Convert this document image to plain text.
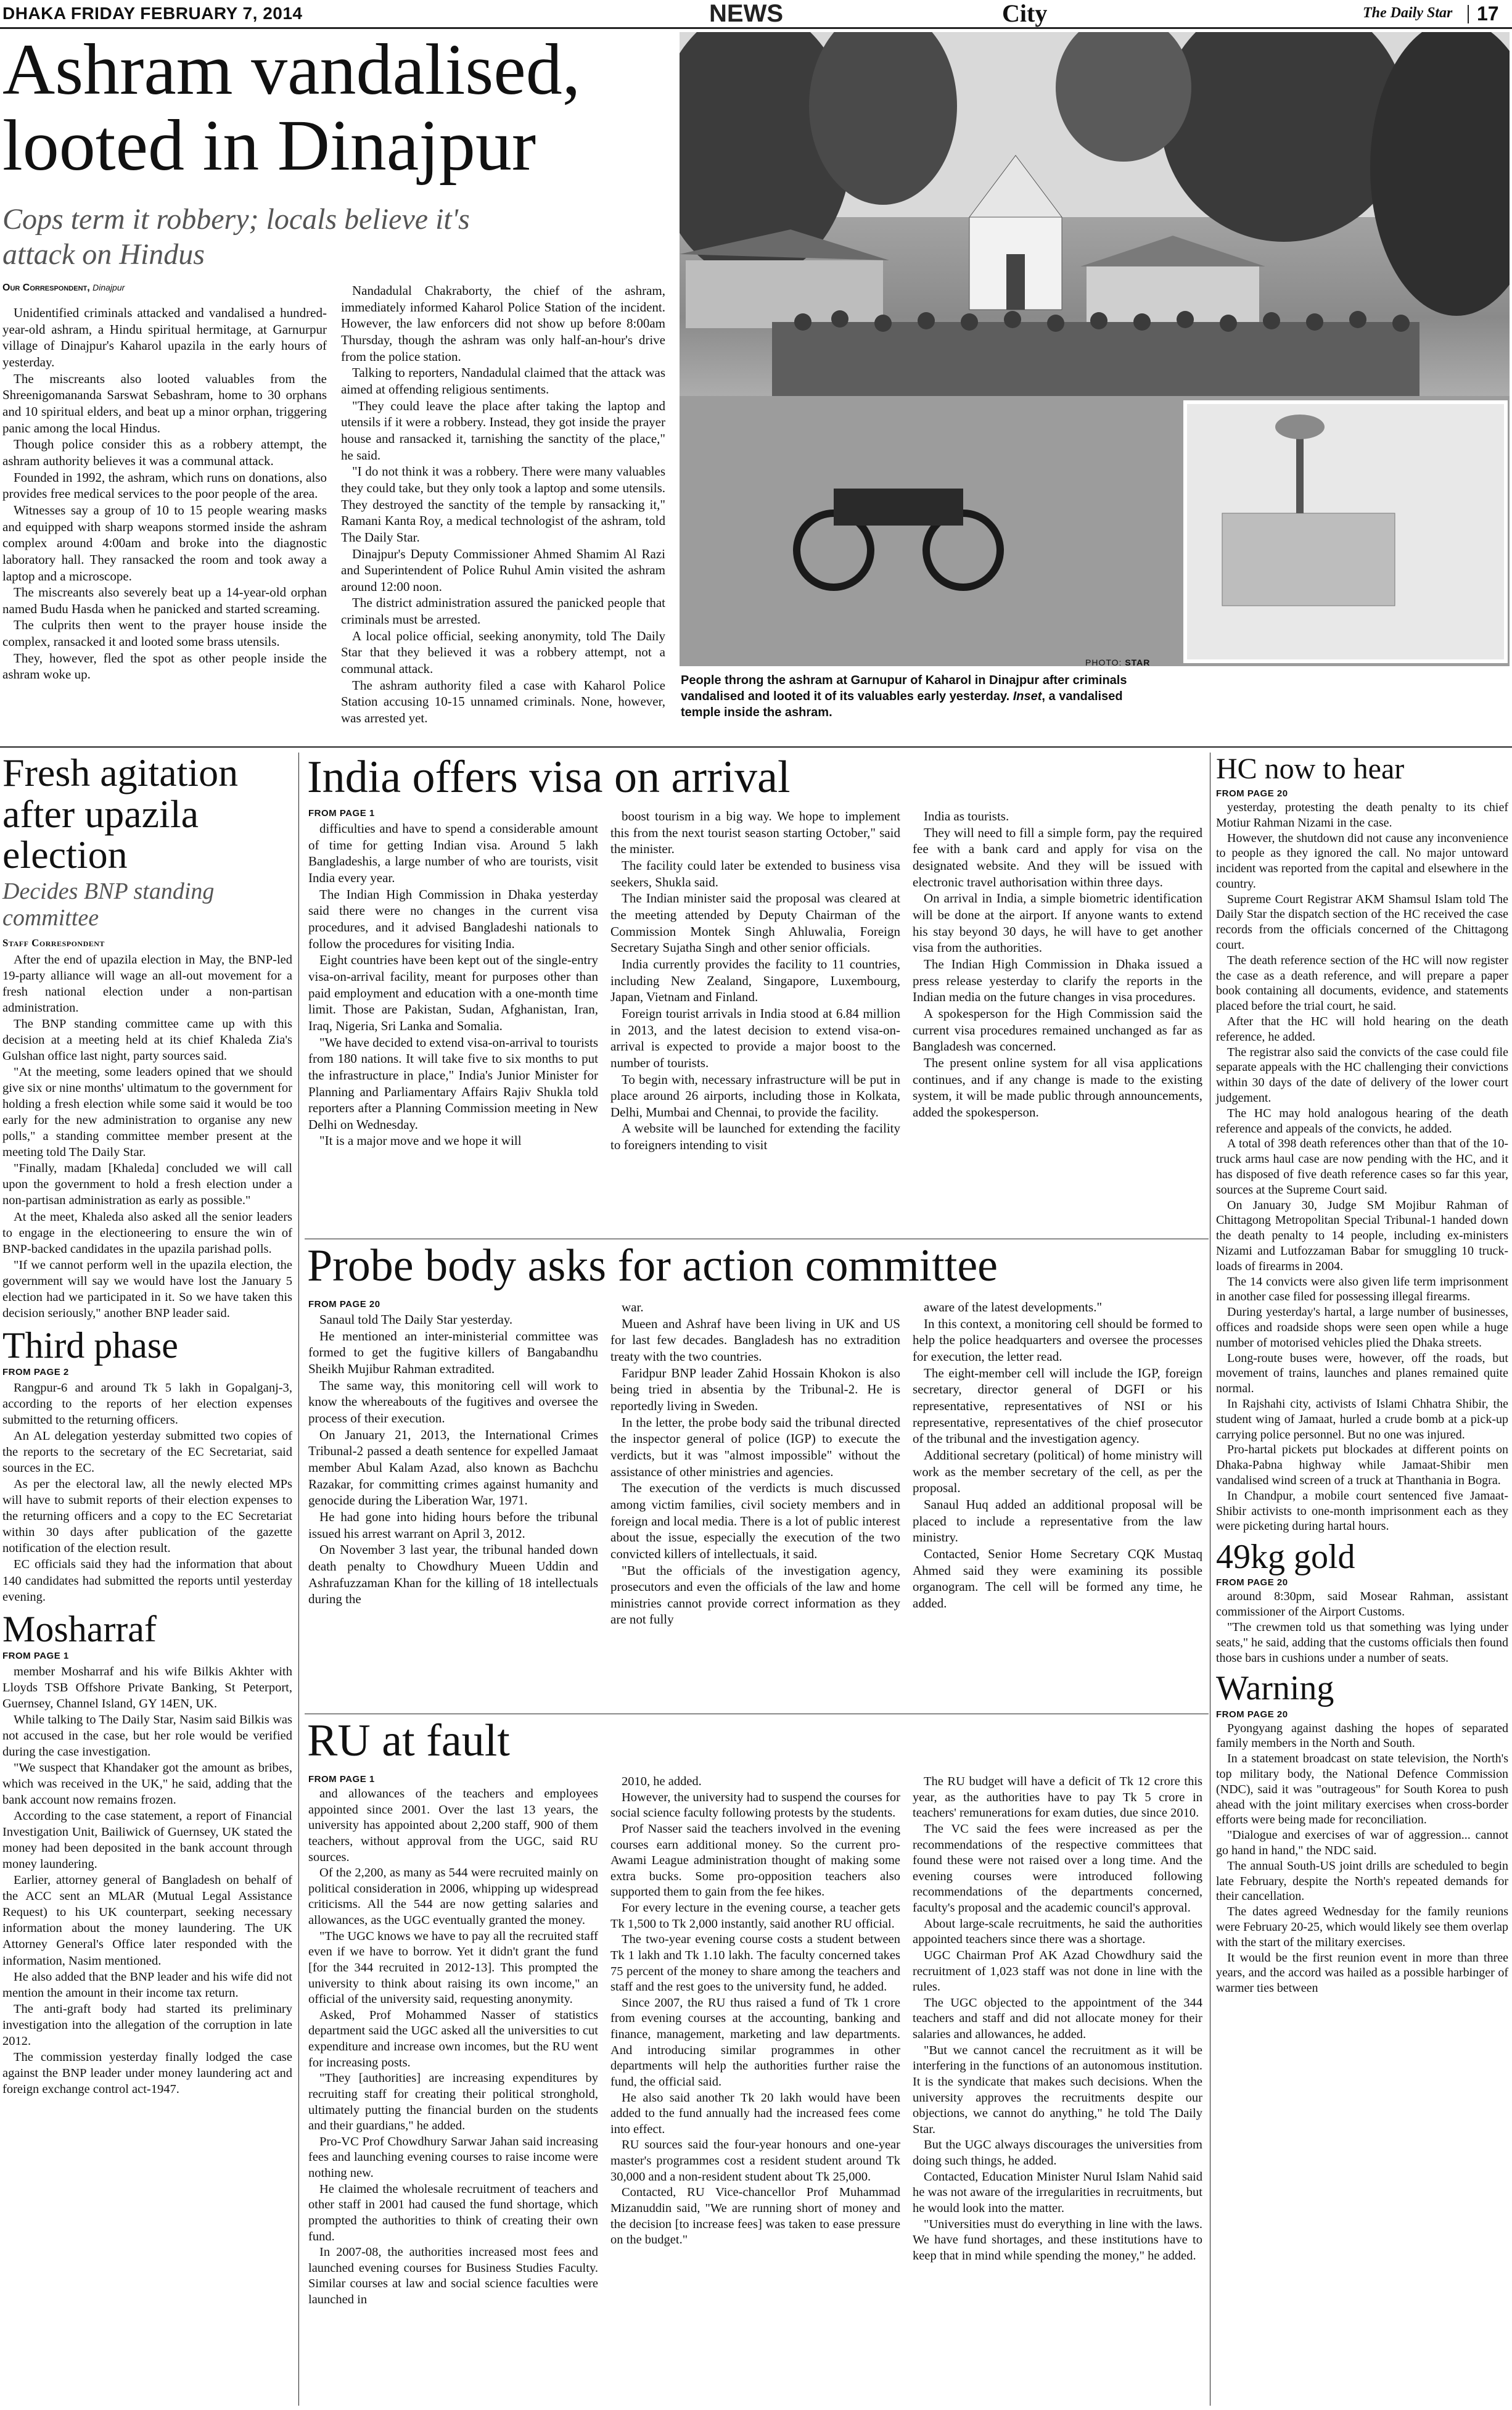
DHAKA FRIDAY FEBRUARY 7, 2014	NEWS	City	The Daily Star 17
Ashram vandalised, looted in Dinajpur
Cops term it robbery; locals believe it's attack on Hindus
Our Correspondent, Dinajpur

Unidentified criminals attacked and vandalised a hundred-year-old ashram, a Hindu spiritual hermitage, at Garnurpur village of Dinajpur's Kaharol upazila in the early hours of yesterday.

The miscreants also looted valuables from the Shreenigomananda Sarswat Sebashram, home to 30 orphans and 10 spiritual elders, and beat up a minor orphan, triggering panic among the local Hindus.

Though police consider this as a robbery attempt, the ashram authority believes it was a communal attack.

Founded in 1992, the ashram, which runs on donations, also provides free medical services to the poor people of the area.

Witnesses say a group of 10 to 15 people wearing masks and equipped with sharp weapons stormed inside the ashram complex around 4:00am and broke into the diagnostic laboratory hall. They ransacked the room and took away a laptop and a microscope.

The miscreants also severely beat up a 14-year-old orphan named Budu Hasda when he panicked and started screaming.

The culprits then went to the prayer house inside the complex, ransacked it and looted some brass utensils.

They, however, fled the spot as other people inside the ashram woke up.

Nandadulal Chakraborty, the chief of the ashram, immediately informed Kaharol Police Station of the incident. However, the law enforcers did not show up before 8:00am Thursday, though the ashram was only half-an-hour's drive from the police station.

Talking to reporters, Nandadulal claimed that the attack was aimed at offending religious sentiments.

"They could leave the place after taking the laptop and utensils if it were a robbery. Instead, they got inside the prayer house and ransacked it, tarnishing the sanctity of the place," he said.

"I do not think it was a robbery. There were many valuables they could take, but they only took a laptop and some utensils. They destroyed the sanctity of the temple by ransacking it," Ramani Kanta Roy, a medical technologist of the ashram, told The Daily Star.

Dinajpur's Deputy Commissioner Ahmed Shamim Al Razi and Superintendent of Police Ruhul Amin visited the ashram around 12:00 noon.

The district administration assured the panicked people that criminals must be arrested.

A local police official, seeking anonymity, told The Daily Star that they believed it was a robbery attempt, not a communal attack.

The ashram authority filed a case with Kaharol Police Station accusing 10-15 unnamed criminals. None, however, was arrested yet.

PHOTO: STAR
People throng the ashram at Garnupur of Kaharol in Dinajpur after criminals vandalised and looted it of its valuables early yesterday. Inset, a vandalised temple inside the ashram.
Fresh agitation after upazila election
Decides BNP standing committee
Staff Correspondent

After the end of upazila election in May, the BNP-led 19-party alliance will wage an all-out movement for a fresh national election under a non-partisan administration.

The BNP standing committee came up with this decision at a meeting held at its chief Khaleda Zia's Gulshan office last night, party sources said.

"At the meeting, some leaders opined that we should give six or nine months' ultimatum to the government for holding a fresh election while some said it would be too early for the new administration to organise any new polls," a standing committee member present at the meeting told The Daily Star.

"Finally, madam [Khaleda] concluded we will call upon the government to hold a fresh election under a non-partisan administration as early as possible."

At the meet, Khaleda also asked all the senior leaders to engage in the electioneering to ensure the win of BNP-backed candidates in the upazila parishad polls.

"If we cannot perform well in the upazila election, the government will say we would have lost the January 5 election had we participated in it. So we have taken this decision seriously," another BNP leader said.

Third phase
FROM PAGE 2

Rangpur-6 and around Tk 5 lakh in Gopalganj-3, according to the reports of her election expenses submitted to the returning officers.

An AL delegation yesterday submitted two copies of the reports to the secretary of the EC Secretariat, said sources in the EC.

As per the electoral law, all the newly elected MPs will have to submit reports of their election expenses to the returning officers and a copy to the EC Secretariat within 30 days after publication of the gazette notification of the election result.

EC officials said they had the information that about 140 candidates had submitted the reports until yesterday evening.

Mosharraf
FROM PAGE 1

member Mosharraf and his wife Bilkis Akhter with Lloyds TSB Offshore Private Banking, St Peterport, Guernsey, Channel Island, GY 14EN, UK.

While talking to The Daily Star, Nasim said Bilkis was not accused in the case, but her role would be verified during the case investigation.

"We suspect that Khandaker got the amount as bribes, which was received in the UK," he said, adding that the bank account now remains frozen.

According to the case statement, a report of Financial Investigation Unit, Bailiwick of Guernsey, UK stated the money had been deposited in the bank account through money laundering.

Earlier, attorney general of Bangladesh on behalf of the ACC sent an MLAR (Mutual Legal Assistance Request) to his UK counterpart, seeking necessary information about the money laundering. The UK Attorney General's Office later responded with the information, Nasim mentioned.

He also added that the BNP leader and his wife did not mention the amount in their income tax return.

The anti-graft body had started its preliminary investigation into the allegation of the corruption in late 2012.

The commission yesterday finally lodged the case against the BNP leader under money laundering act and foreign exchange control act-1947.

India offers visa on arrival
FROM PAGE 1

difficulties and have to spend a considerable amount of time for getting Indian visa. Around 5 lakh Bangladeshis, a large number of who are tourists, visit India every year.

The Indian High Commission in Dhaka yesterday said there were no changes in the current visa procedures, and it advised Bangladeshi nationals to follow the procedures for visiting India.

Eight countries have been kept out of the single-entry visa-on-arrival facility, meant for purposes other than paid employment and education with a one-month time limit. Those are Pakistan, Sudan, Afghanistan, Iran, Iraq, Nigeria, Sri Lanka and Somalia.

"We have decided to extend visa-on-arrival to tourists from 180 nations. It will take five to six months to put the infrastructure in place," India's Junior Minister for Planning and Parliamentary Affairs Rajiv Shukla told reporters after a Planning Commission meeting in New Delhi on Wednesday.

"It is a major move and we hope it will

boost tourism in a big way. We hope to implement this from the next tourist season starting October," said the minister.

The facility could later be extended to business visa seekers, Shukla said.

The Indian minister said the proposal was cleared at the meeting attended by Deputy Chairman of the Commission Montek Singh Ahluwalia, Foreign Secretary Sujatha Singh and other senior officials.

India currently provides the facility to 11 countries, including New Zealand, Singapore, Luxembourg, Japan, Vietnam and Finland.

Foreign tourist arrivals in India stood at 6.84 million in 2013, and the latest decision to extend visa-on-arrival is expected to provide a major boost to the number of tourists.

To begin with, necessary infrastructure will be put in place around 26 airports, including those in Kolkata, Delhi, Mumbai and Chennai, to provide the facility.

A website will be launched for extending the facility to foreigners intending to visit

India as tourists.

They will need to fill a simple form, pay the required fee with a bank card and apply for visa on the designated website. And they will be issued with electronic travel authorisation within three days.

On arrival in India, a simple biometric identification will be done at the airport. If anyone wants to extend his stay beyond 30 days, he will have to get another visa from the authorities.

The Indian High Commission in Dhaka issued a press release yesterday to clarify the reports in the Indian media on the future changes in visa procedures.

A spokesperson for the High Commission said the current visa procedures remained unchanged as far as Bangladesh was concerned.

The present online system for all visa applications continues, and if any change is made to the existing system, it will be made public through announcements, added the spokesperson.

Probe body asks for action committee
FROM PAGE 20

Sanaul told The Daily Star yesterday.

He mentioned an inter-ministerial committee was formed to get the fugitive killers of Bangabandhu Sheikh Mujibur Rahman extradited.

The same way, this monitoring cell will work to know the whereabouts of the fugitives and oversee the process of their execution.

On January 21, 2013, the International Crimes Tribunal-2 passed a death sentence for expelled Jamaat member Abul Kalam Azad, also known as Bachchu Razakar, for committing crimes against humanity and genocide during the Liberation War, 1971.

He had gone into hiding hours before the tribunal issued his arrest warrant on April 3, 2012.

On November 3 last year, the tribunal handed down death penalty to Chowdhury Mueen Uddin and Ashrafuzzaman Khan for the killing of 18 intellectuals during the

war.

Mueen and Ashraf have been living in UK and US for last few decades. Bangladesh has no extradition treaty with the two countries.

Faridpur BNP leader Zahid Hossain Khokon is also being tried in absentia by the Tribunal-2. He is reportedly living in Sweden.

In the letter, the probe body said the tribunal directed the inspector general of police (IGP) to execute the verdicts, but it was "almost impossible" without the assistance of other ministries and agencies.

The execution of the verdicts is much discussed among victim families, civil society members and in foreign and local media. There is a lot of public interest about the issue, especially the execution of the two convicted killers of intellectuals, it said.

"But the officials of the investigation agency, prosecutors and even the officials of the law and home ministries cannot provide correct information as they are not fully

aware of the latest developments."

In this context, a monitoring cell should be formed to help the police headquarters and oversee the processes for execution, the letter read.

The eight-member cell will include the IGP, foreign secretary, director general of DGFI or his representative, representatives of NSI or his representative, representatives of the chief prosecutor of the tribunal and the investigation agency.

Additional secretary (political) of home ministry will work as the member secretary of the cell, as per the proposal.

Sanaul Huq added an additional proposal will be placed to include a representative from the law ministry.

Contacted, Senior Home Secretary CQK Mustaq Ahmed said they were examining its possible organogram. The cell will be formed any time, he added.

RU at fault
FROM PAGE 1

and allowances of the teachers and employees appointed since 2001. Over the last 13 years, the university has appointed about 2,200 staff, 900 of them teachers, without approval from the UGC, said RU sources.

Of the 2,200, as many as 544 were recruited mainly on political consideration in 2006, whipping up widespread criticisms. All the 544 are now getting salaries and allowances, as the UGC eventually granted the money.

"The UGC knows we have to pay all the recruited staff even if we have to borrow. Yet it didn't grant the fund [for the 344 recruited in 2012-13]. This prompted the university to think about raising its own income," an official of the university said, requesting anonymity.

Asked, Prof Mohammed Nasser of statistics department said the UGC asked all the universities to cut expenditure and increase own incomes, but the RU went for increasing posts.

"They [authorities] are increasing expenditures by recruiting staff for creating their political stronghold, ultimately putting the financial burden on the students and their guardians," he added.

Pro-VC Prof Chowdhury Sarwar Jahan said increasing fees and launching evening courses to raise income were nothing new.

He claimed the wholesale recruitment of teachers and other staff in 2001 had caused the fund shortage, which prompted the authorities to think of creating their own fund.

In 2007-08, the authorities increased most fees and launched evening courses for Business Studies Faculty. Similar courses at law and social science faculties were launched in

2010, he added.

However, the university had to suspend the courses for social science faculty following protests by the students.

Prof Nasser said the teachers involved in the evening courses earn additional money. So the current pro-Awami League administration thought of making some extra bucks. Some pro-opposition teachers also supported them to gain from the fee hikes.

For every lecture in the evening course, a teacher gets Tk 1,500 to Tk 2,000 instantly, said another RU official.

The two-year evening course costs a student between Tk 1 lakh and Tk 1.10 lakh. The faculty concerned takes 75 percent of the money to share among the teachers and staff and the rest goes to the university fund, he added.

Since 2007, the RU thus raised a fund of Tk 1 crore from evening courses at the accounting, banking and finance, management, marketing and law departments. And introducing similar programmes in other departments will help the authorities further raise the fund, the official said.

He also said another Tk 20 lakh would have been added to the fund annually had the increased fees come into effect.

RU sources said the four-year honours and one-year master's programmes cost a resident student around Tk 30,000 and a non-resident student about Tk 25,000.

Contacted, RU Vice-chancellor Prof Muhammad Mizanuddin said, "We are running short of money and the decision [to increase fees] was taken to ease pressure on the budget."

The RU budget will have a deficit of Tk 12 crore this year, as the authorities have to pay Tk 5 crore in teachers' remunerations for exam duties, due since 2010.

The VC said the fees were increased as per the recommendations of the respective committees that found these were not raised over a long time. And the evening courses were introduced following recommendations of the departments concerned, faculty's proposal and the academic council's approval.

About large-scale recruitments, he said the authorities appointed teachers since there was a shortage.

UGC Chairman Prof AK Azad Chowdhury said the recruitment of 1,023 staff was not done in line with the rules.

The UGC objected to the appointment of the 344 teachers and staff and did not allocate money for their salaries and allowances, he added.

"But we cannot cancel the recruitment as it will be interfering in the functions of an autonomous institution. It is the syndicate that makes such decisions. When the university approves the recruitments despite our objections, we cannot do anything," he told The Daily Star.

But the UGC always discourages the universities from doing such things, he added.

Contacted, Education Minister Nurul Islam Nahid said he was not aware of the irregularities in recruitments, but he would look into the matter.

"Universities must do everything in line with the laws. We have fund shortages, and these institutions have to keep that in mind while spending the money," he added.

HC now to hear
FROM PAGE 20

yesterday, protesting the death penalty to its chief Motiur Rahman Nizami in the case.

However, the shutdown did not cause any inconvenience to people as they ignored the call. No major untoward incident was reported from the capital and elsewhere in the country.

Supreme Court Registrar AKM Shamsul Islam told The Daily Star the dispatch section of the HC received the case records from the officials concerned of the Chittagong court.

The death reference section of the HC will now register the case as a death reference, and will prepare a paper book containing all documents, evidence, and statements placed before the trial court, he said.

After that the HC will hold hearing on the death reference, he added.

The registrar also said the convicts of the case could file separate appeals with the HC challenging their convictions within 30 days of the date of delivery of the lower court judgement.

The HC may hold analogous hearing of the death reference and appeals of the convicts, he added.

A total of 398 death references other than that of the 10-truck arms haul case are now pending with the HC, and it has disposed of five death reference cases so far this year, sources at the Supreme Court said.

On January 30, Judge SM Mojibur Rahman of Chittagong Metropolitan Special Tribunal-1 handed down the death penalty to 14 people, including ex-ministers Nizami and Lutfozzaman Babar for smuggling 10 truck-loads of firearms in 2004.

The 14 convicts were also given life term imprisonment in another case filed for possessing illegal firearms.

During yesterday's hartal, a large number of businesses, offices and roadside shops were seen open while a huge number of motorised vehicles plied the Dhaka streets.

Long-route buses were, however, off the roads, but movement of trains, launches and planes remained quite normal.

In Rajshahi city, activists of Islami Chhatra Shibir, the student wing of Jamaat, hurled a crude bomb at a pick-up carrying police personnel. But no one was injured.

Pro-hartal pickets put blockades at different points on Dhaka-Pabna highway while Jamaat-Shibir men vandalised wind screen of a truck at Thanthania in Bogra.

In Chandpur, a mobile court sentenced five Jamaat-Shibir activists to one-month imprisonment each as they were picketing during hartal hours.

49kg gold
FROM PAGE 20

around 8:30pm, said Mosear Rahman, assistant commissioner of the Airport Customs.

"The crewmen told us that something was lying under seats," he said, adding that the customs officials then found those bars in cushions under a number of seats.

Warning
FROM PAGE 20

Pyongyang against dashing the hopes of separated family members in the North and South.

In a statement broadcast on state television, the North's top military body, the National Defence Commission (NDC), said it was "outrageous" for South Korea to push ahead with the joint military exercises when cross-border efforts were being made for reconciliation.

"Dialogue and exercises of war of aggression... cannot go hand in hand," the NDC said.

The annual South-US joint drills are scheduled to begin late February, despite the North's repeated demands for their cancellation.

The dates agreed Wednesday for the family reunions were February 20-25, which would likely see them overlap with the start of the military exercises.

It would be the first reunion event in more than three years, and the accord was hailed as a possible harbinger of warmer ties between
